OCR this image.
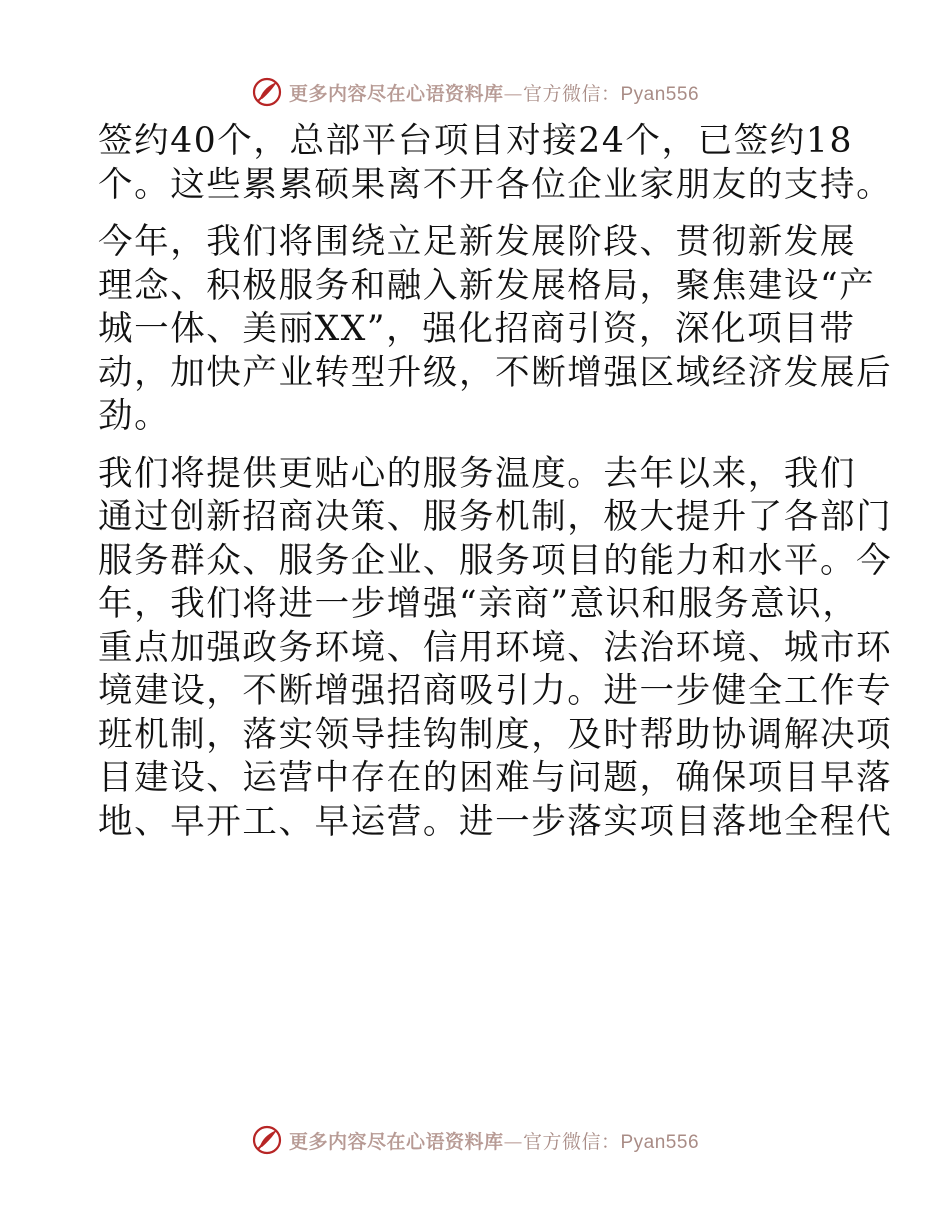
更多内容尽在心语资料库—官方微信：Pyan556

签约40个，总部平台项目对接24个，已签约18
个。这些累累硕果离不开各位企业家朋友的支持。

今年，我们将围绕立足新发展阶段、贯彻新发展
理念、积极服务和融入新发展格局，聚焦建设“产
城一体、美丽XX”，强化招商引资，深化项目带
动，加快产业转型升级，不断增强区域经济发展后
劲。

我们将提供更贴心的服务温度。去年以来，我们
通过创新招商决策、服务机制，极大提升了各部门
服务群众、服务企业、服务项目的能力和水平。今
年，我们将进一步增强“亲商”意识和服务意识，
重点加强政务环境、信用环境、法治环境、城市环
境建设，不断增强招商吸引力。进一步健全工作专
班机制，落实领导挂钩制度，及时帮助协调解决项
目建设、运营中存在的困难与问题，确保项目早落
地、早开工、早运营。进一步落实项目落地全程代

更多内容尽在心语资料库—官方微信：Pyan556
